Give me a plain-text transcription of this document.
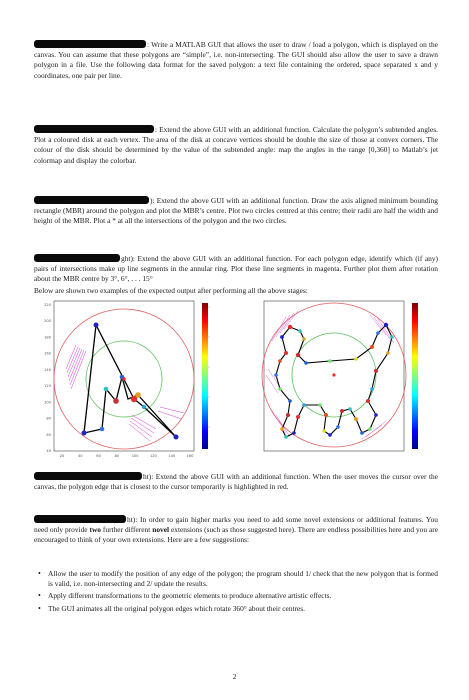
: Write a MATLAB GUI that allows the user to draw / load a polygon, which is displayed on the canvas. You can assume that these polygons are “simple”, i.e. non-intersecting. The GUI should also allow the user to save a drawn polygon in a file. Use the following data format for the saved polygon: a text file containing the ordered, space separated x and y coordinates, one pair per line.

: Extend the above GUI with an additional function. Calculate the polygon’s subtended angles. Plot a coloured disk at each vertex. The area of the disk at concave vertices should be double the size of those at convex corners. The colour of the disk should be determined by the value of the subtended angle: map the angles in the range [0,360] to Matlab’s jet colormap and display the colorbar.

): Extend the above GUI with an additional function. Draw the axis aligned minimum bounding rectangle (MBR) around the polygon and plot the MBR’s centre. Plot two circles centred at this centre; their radii are half the width and height of the MBR. Plot a * at all the intersections of the polygon and the two circles.

ght): Extend the above GUI with an additional function. For each polygon edge, identify which (if any) pairs of intersections make up line segments in the annular ring. Plot these line segments in magenta. Further plot them after rotation about the MBR centre by 3°, 6°, . . . 15°

Below are shown two examples of the expected output after performing all the above stages:

220
200
180
160
140
120
100
80
60
40
20	40	60	80	100	120	140	160

ht): Extend the above GUI with an additional function. When the user moves the cursor over the canvas, the polygon edge that is closest to the cursor temporarily is highlighted in red.

ht): In order to gain higher marks you need to add some novel extensions or additional features. You need only provide two further different novel extensions (such as those suggested here). There are endless possibilities here and you are encouraged to think of your own extensions. Here are a few suggestions:

• Allow the user to modify the position of any edge of the polygon; the program should 1/ check that the new polygon that is formed is valid, i.e. non-intersecting and 2/ update the results.
• Apply different transformations to the geometric elements to produce alternative artistic effects.
• The GUI animates all the original polygon edges which rotate 360° about their centres.
2
